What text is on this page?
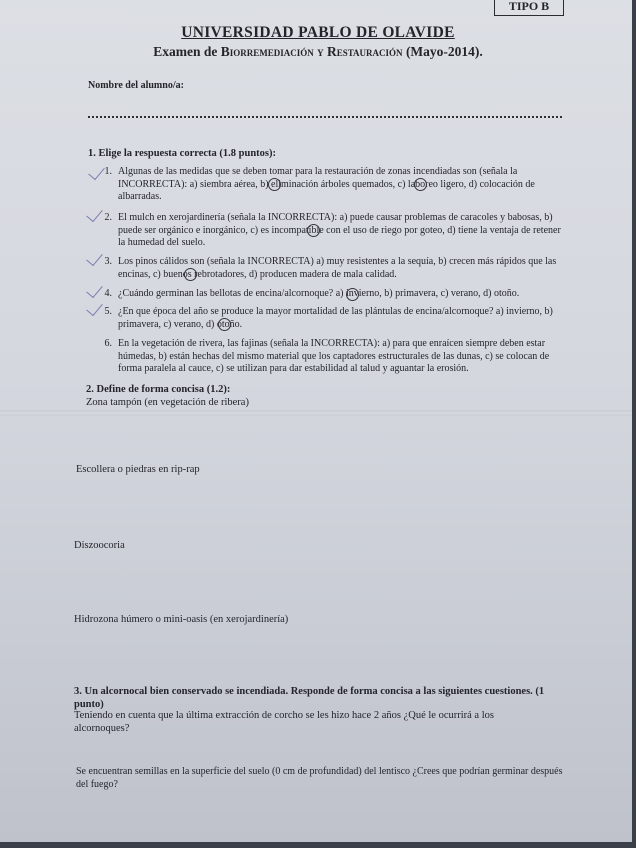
TIPO B
UNIVERSIDAD PABLO DE OLAVIDE
Examen de Biorremediación y Restauración (Mayo-2014).
Nombre del alumno/a:
1. Elige la respuesta correcta (1.8 puntos):
1. Algunas de las medidas que se deben tomar para la restauración de zonas incendiadas son (señala la INCORRECTA): a) siembra aérea, b) eliminación árboles quemados, c) laboreo ligero, d) colocación de albarradas.
2. El mulch en xerojardinería (señala la INCORRECTA): a) puede causar problemas de caracoles y babosas, b) puede ser orgánico e inorgánico, c) es incompatible con el uso de riego por goteo, d) tiene la ventaja de retener la humedad del suelo.
3. Los pinos cálidos son (señala la INCORRECTA) a) muy resistentes a la sequía, b) crecen más rápidos que las encinas, c) buenos rebrotadores, d) producen madera de mala calidad.
4. ¿Cuándo germinan las bellotas de encina/alcornoque? a) invierno, b) primavera, c) verano, d) otoño.
5. ¿En que época del año se produce la mayor mortalidad de las plántulas de encina/alcornoque? a) invierno, b) primavera, c) verano, d) otoño.
6. En la vegetación de rivera, las fajinas (señala la INCORRECTA): a) para que enraícen siempre deben estar húmedas, b) están hechas del mismo material que los captadores estructurales de las dunas, c) se colocan de forma paralela al cauce, c) se utilizan para dar estabilidad al talud y aguantar la erosión.
2. Define de forma concisa (1.2):
Zona tampón (en vegetación de ribera)
Escollera o piedras en rip-rap
Diszoocoria
Hidrozona húmero o mini-oasis (en xerojardinería)
3. Un alcornocal bien conservado se incendiada. Responde de forma concisa a las siguientes cuestiones. (1 punto)
Teniendo en cuenta que la última extracción de corcho se les hizo hace 2 años ¿Qué le ocurrirá a los alcornoques?
Se encuentran semillas en la superficie del suelo (0 cm de profundidad) del lentisco ¿Crees que podrían germinar después del fuego?
